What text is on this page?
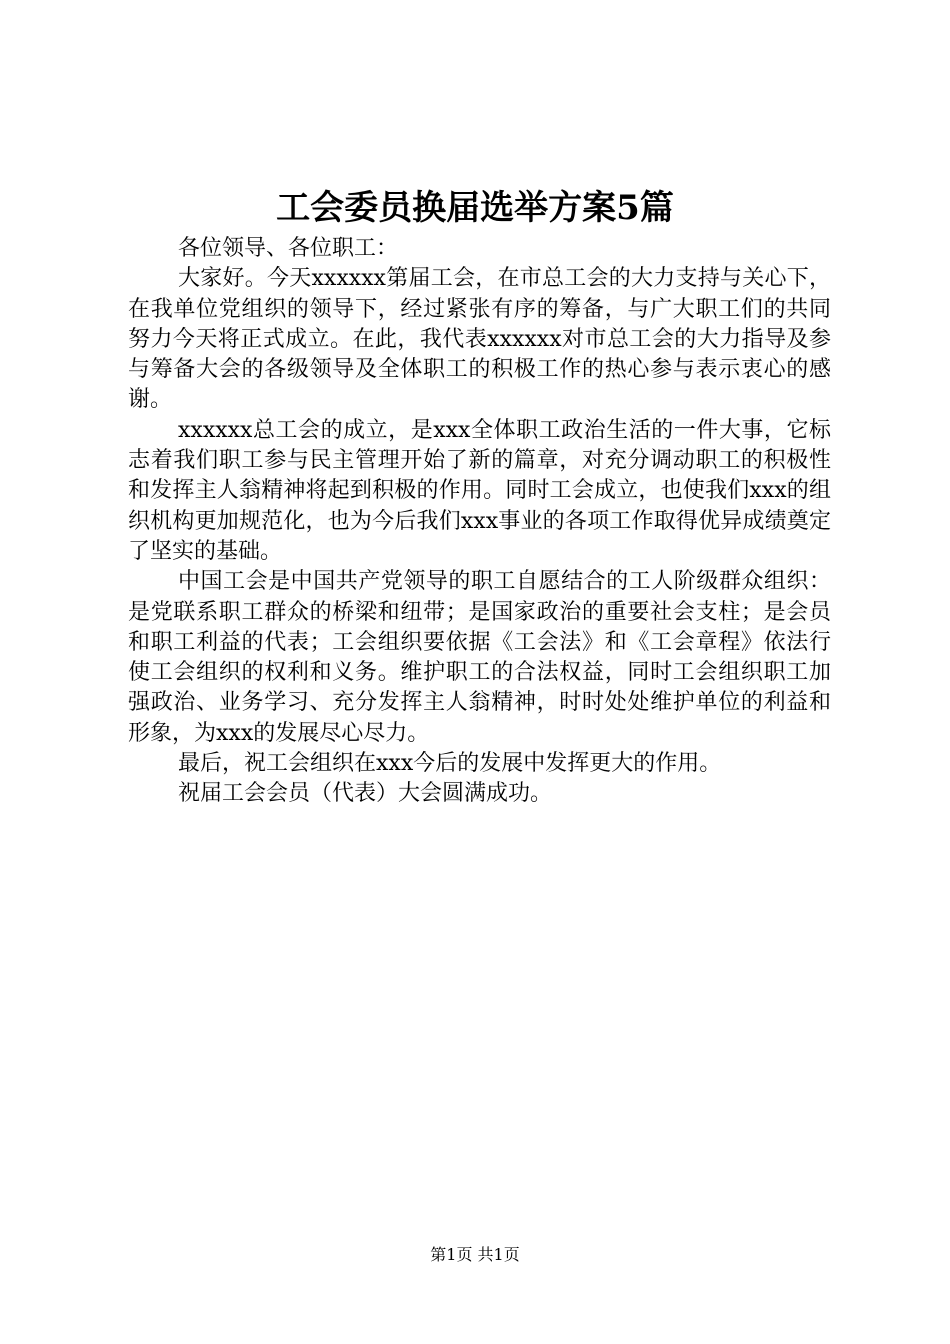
工会委员换届选举方案5篇

各位领导、各位职工：

大家好。今天xxxxxx第届工会，在市总工会的大力支持与关心下，在我单位党组织的领导下，经过紧张有序的筹备，与广大职工们的共同努力今天将正式成立。在此，我代表xxxxxx对市总工会的大力指导及参与筹备大会的各级领导及全体职工的积极工作的热心参与表示衷心的感谢。

xxxxxx总工会的成立，是xxx全体职工政治生活的一件大事，它标志着我们职工参与民主管理开始了新的篇章，对充分调动职工的积极性和发挥主人翁精神将起到积极的作用。同时工会成立，也使我们xxx的组织机构更加规范化，也为今后我们xxx事业的各项工作取得优异成绩奠定了坚实的基础。

中国工会是中国共产党领导的职工自愿结合的工人阶级群众组织：是党联系职工群众的桥梁和纽带；是国家政治的重要社会支柱；是会员和职工利益的代表；工会组织要依据《工会法》和《工会章程》依法行使工会组织的权利和义务。维护职工的合法权益，同时工会组织职工加强政治、业务学习、充分发挥主人翁精神，时时处处维护单位的利益和形象，为xxx的发展尽心尽力。

最后，祝工会组织在xxx今后的发展中发挥更大的作用。

祝届工会会员（代表）大会圆满成功。

第1页 共1页
